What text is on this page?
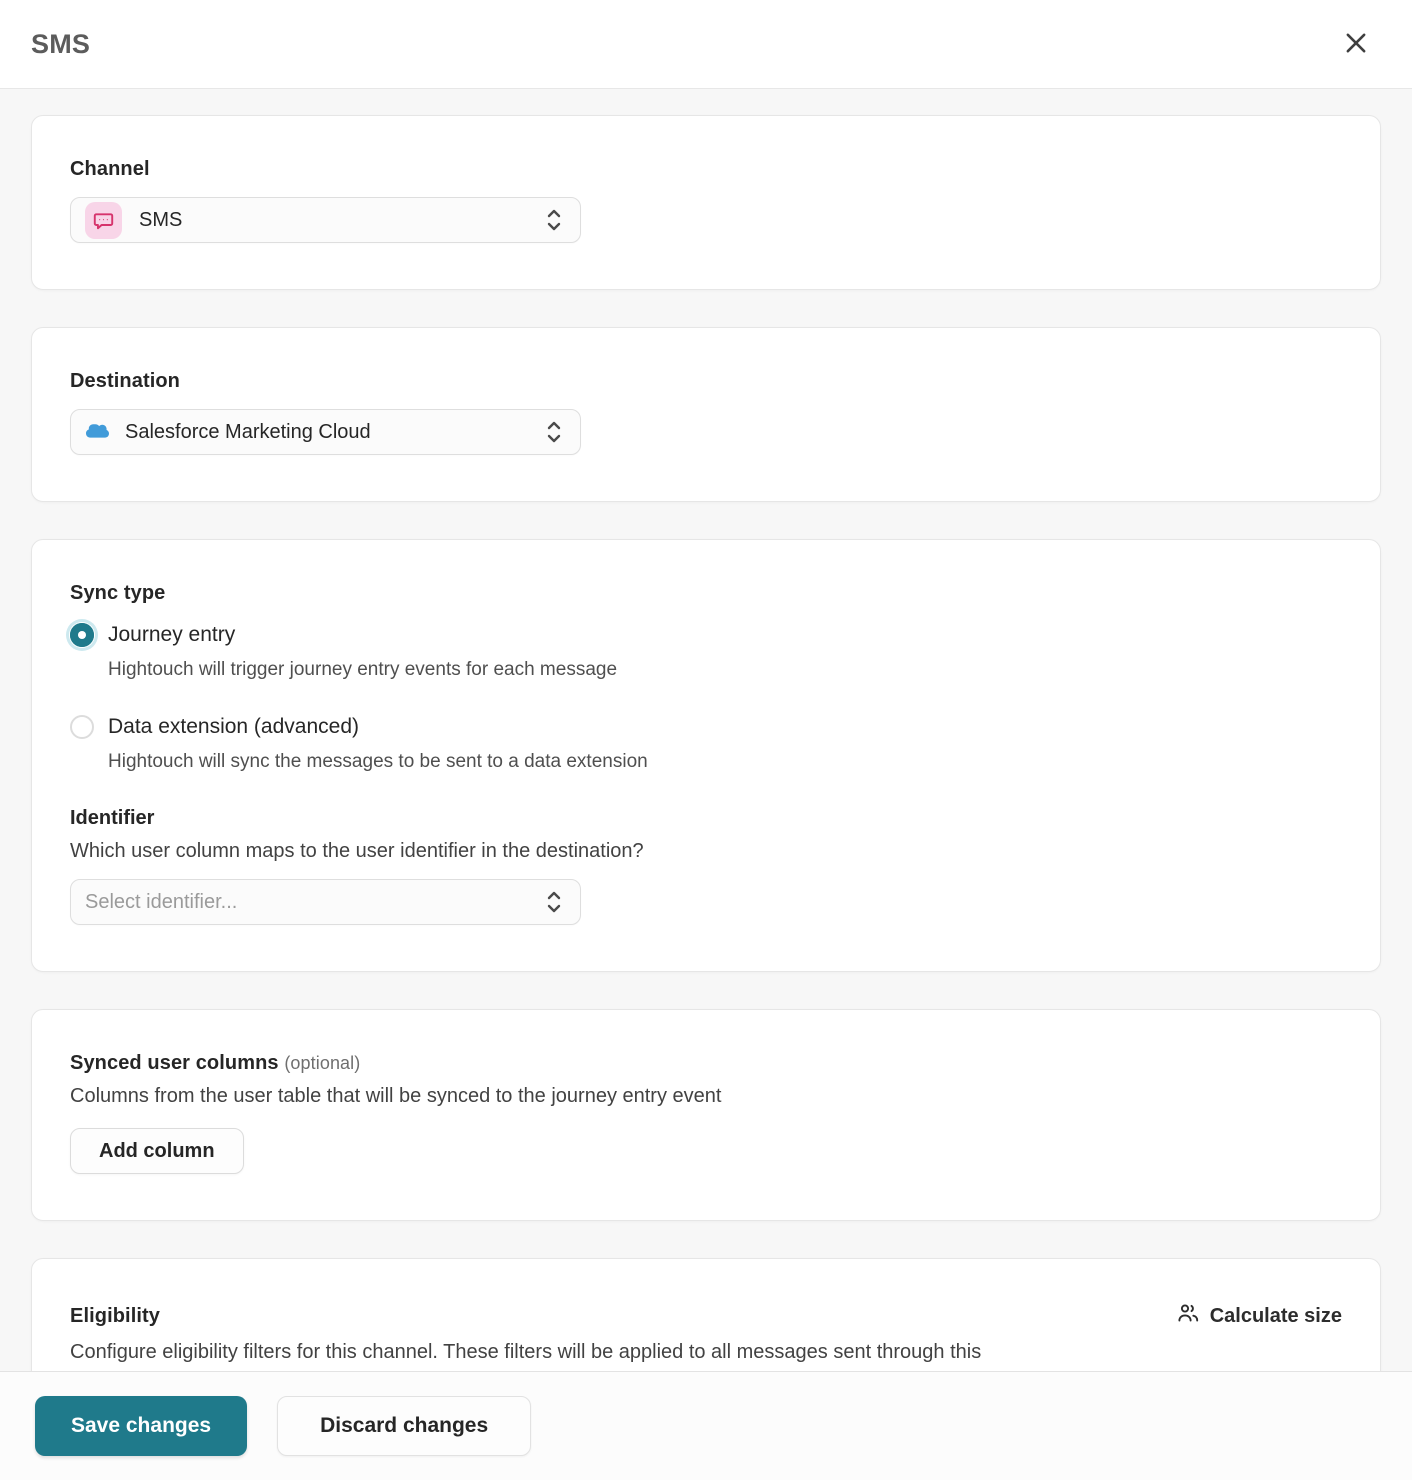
SMS
Channel
SMS
Destination
Salesforce Marketing Cloud
Sync type
Journey entry
Hightouch will trigger journey entry events for each message
Data extension (advanced)
Hightouch will sync the messages to be sent to a data extension
Identifier
Which user column maps to the user identifier in the destination?
Select identifier...
Synced user columns (optional)
Columns from the user table that will be synced to the journey entry event
Add column
Eligibility	Calculate size
Configure eligibility filters for this channel. These filters will be applied to all messages sent through this
Save changes	Discard changes
